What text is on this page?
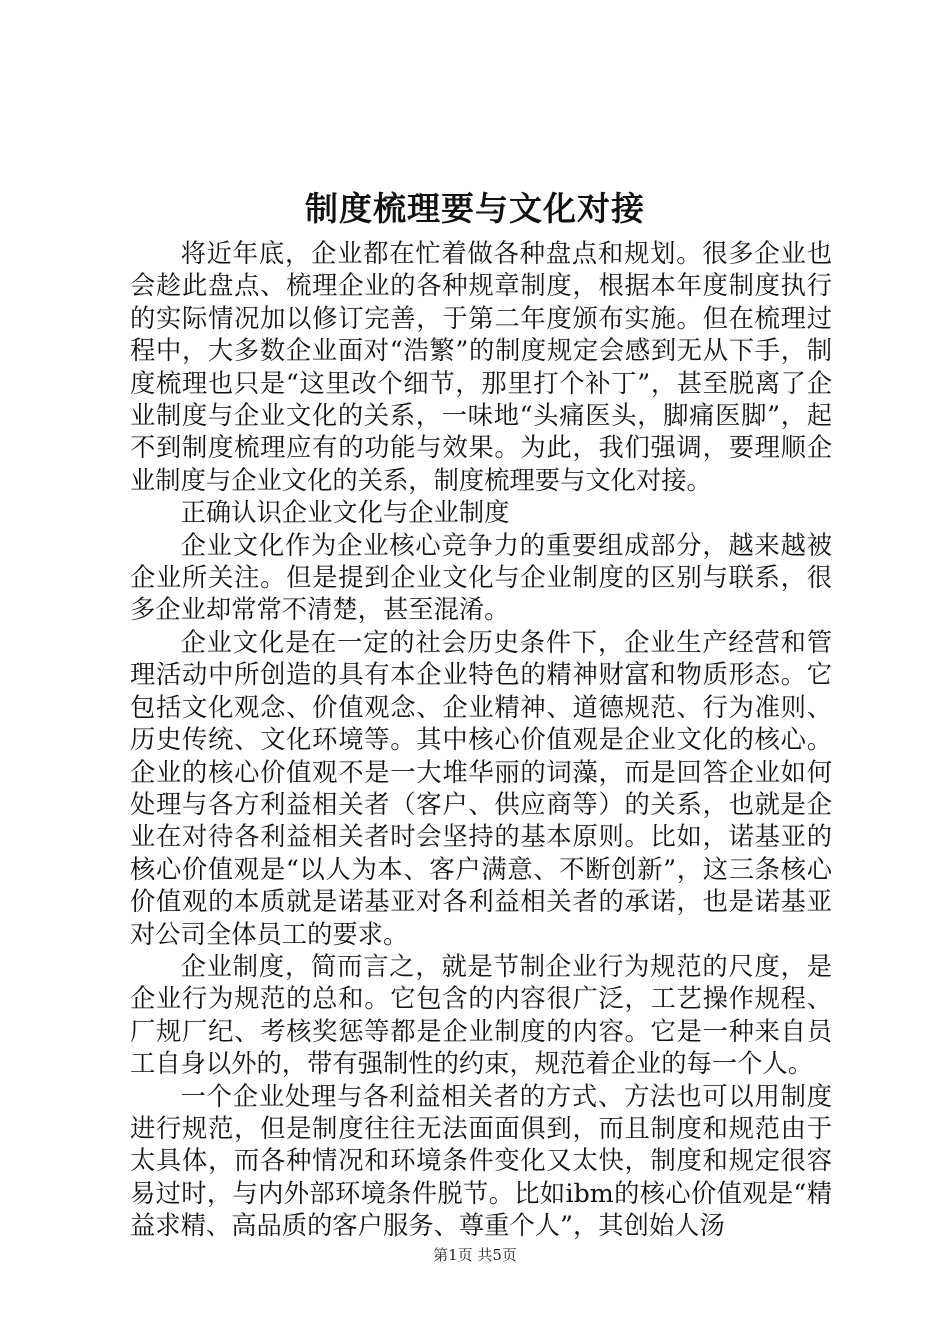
制度梳理要与文化对接

将近年底，企业都在忙着做各种盘点和规划。很多企业也会趁此盘点、梳理企业的各种规章制度，根据本年度制度执行的实际情况加以修订完善，于第二年度颁布实施。但在梳理过程中，大多数企业面对“浩繁”的制度规定会感到无从下手，制度梳理也只是“这里改个细节，那里打个补丁”，甚至脱离了企业制度与企业文化的关系，一味地“头痛医头，脚痛医脚”，起不到制度梳理应有的功能与效果。为此，我们强调，要理顺企业制度与企业文化的关系，制度梳理要与文化对接。

正确认识企业文化与企业制度

企业文化作为企业核心竞争力的重要组成部分，越来越被企业所关注。但是提到企业文化与企业制度的区别与联系，很多企业却常常不清楚，甚至混淆。

企业文化是在一定的社会历史条件下，企业生产经营和管理活动中所创造的具有本企业特色的精神财富和物质形态。它包括文化观念、价值观念、企业精神、道德规范、行为准则、历史传统、文化环境等。其中核心价值观是企业文化的核心。企业的核心价值观不是一大堆华丽的词藻，而是回答企业如何处理与各方利益相关者（客户、供应商等）的关系，也就是企业在对待各利益相关者时会坚持的基本原则。比如，诺基亚的核心价值观是“以人为本、客户满意、不断创新”，这三条核心价值观的本质就是诺基亚对各利益相关者的承诺，也是诺基亚对公司全体员工的要求。

企业制度，简而言之，就是节制企业行为规范的尺度，是企业行为规范的总和。它包含的内容很广泛，工艺操作规程、厂规厂纪、考核奖惩等都是企业制度的内容。它是一种来自员工自身以外的，带有强制性的约束，规范着企业的每一个人。

一个企业处理与各利益相关者的方式、方法也可以用制度进行规范，但是制度往往无法面面俱到，而且制度和规范由于太具体，而各种情况和环境条件变化又太快，制度和规定很容易过时，与内外部环境条件脱节。比如ibm的核心价值观是“精益求精、高品质的客户服务、尊重个人”，其创始人汤

第1页 共5页
